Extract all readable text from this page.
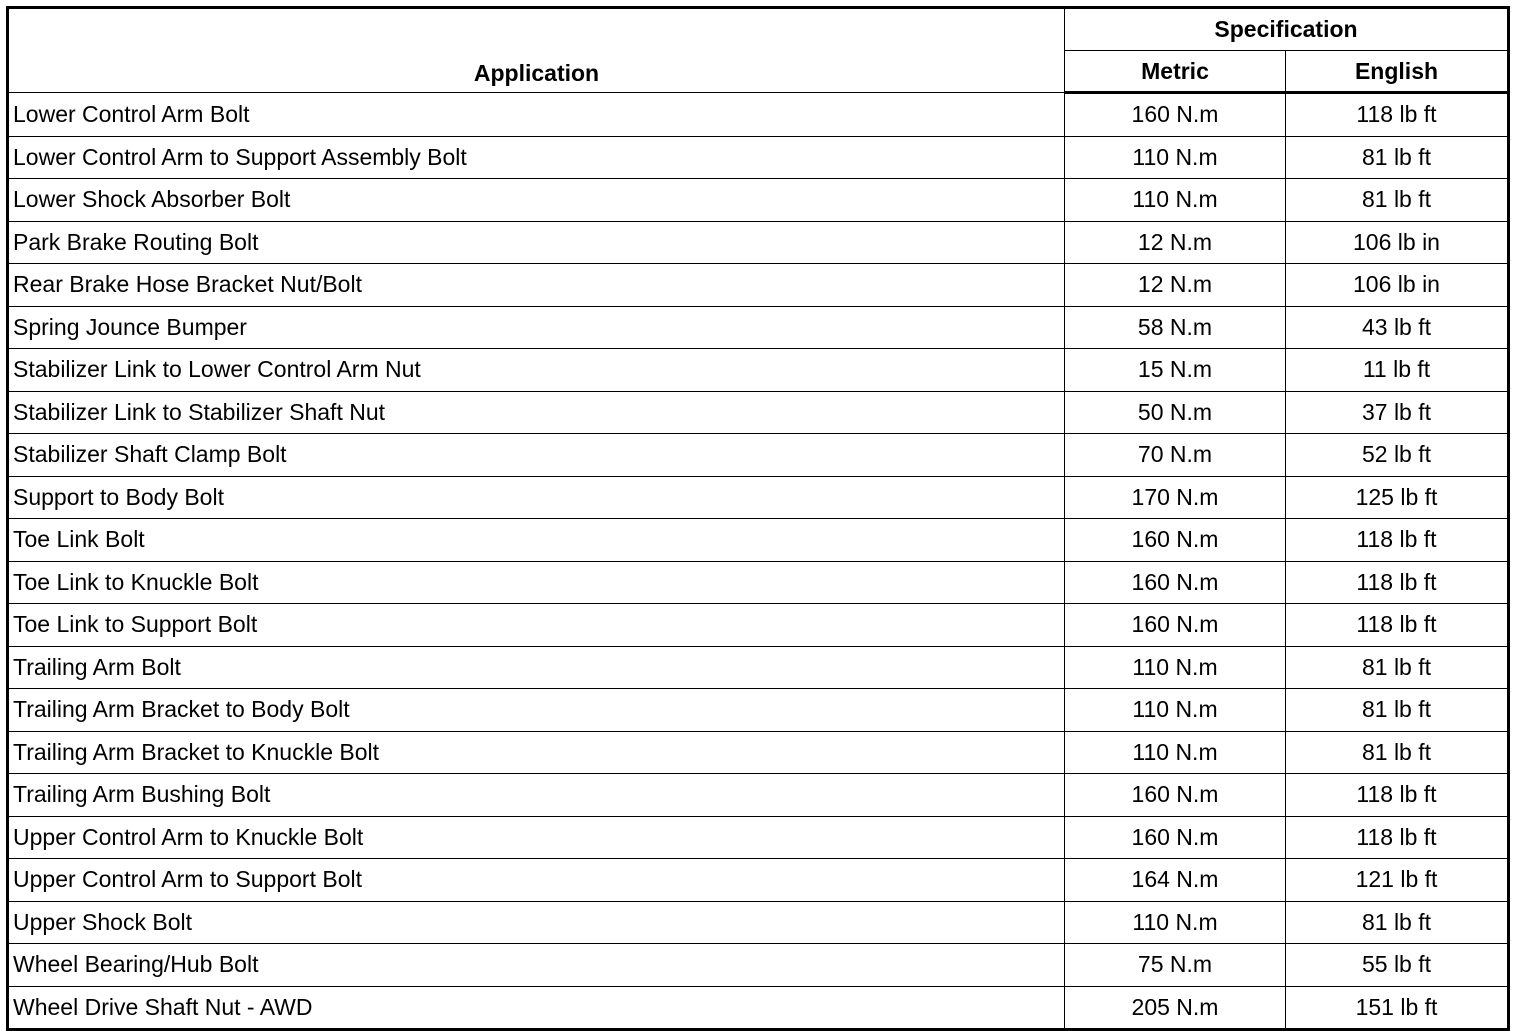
Application	Specification	
	Metric	English
Lower Control Arm Bolt	160 N.m	118 lb ft
Lower Control Arm to Support Assembly Bolt	110 N.m	81 lb ft
Lower Shock Absorber Bolt	110 N.m	81 lb ft
Park Brake Routing Bolt	12 N.m	106 lb in
Rear Brake Hose Bracket Nut/Bolt	12 N.m	106 lb in
Spring Jounce Bumper	58 N.m	43 lb ft
Stabilizer Link to Lower Control Arm Nut	15 N.m	11 lb ft
Stabilizer Link to Stabilizer Shaft Nut	50 N.m	37 lb ft
Stabilizer Shaft Clamp Bolt	70 N.m	52 lb ft
Support to Body Bolt	170 N.m	125 lb ft
Toe Link Bolt	160 N.m	118 lb ft
Toe Link to Knuckle Bolt	160 N.m	118 lb ft
Toe Link to Support Bolt	160 N.m	118 lb ft
Trailing Arm Bolt	110 N.m	81 lb ft
Trailing Arm Bracket to Body Bolt	110 N.m	81 lb ft
Trailing Arm Bracket to Knuckle Bolt	110 N.m	81 lb ft
Trailing Arm Bushing Bolt	160 N.m	118 lb ft
Upper Control Arm to Knuckle Bolt	160 N.m	118 lb ft
Upper Control Arm to Support Bolt	164 N.m	121 lb ft
Upper Shock Bolt	110 N.m	81 lb ft
Wheel Bearing/Hub Bolt	75 N.m	55 lb ft
Wheel Drive Shaft Nut - AWD	205 N.m	151 lb ft
